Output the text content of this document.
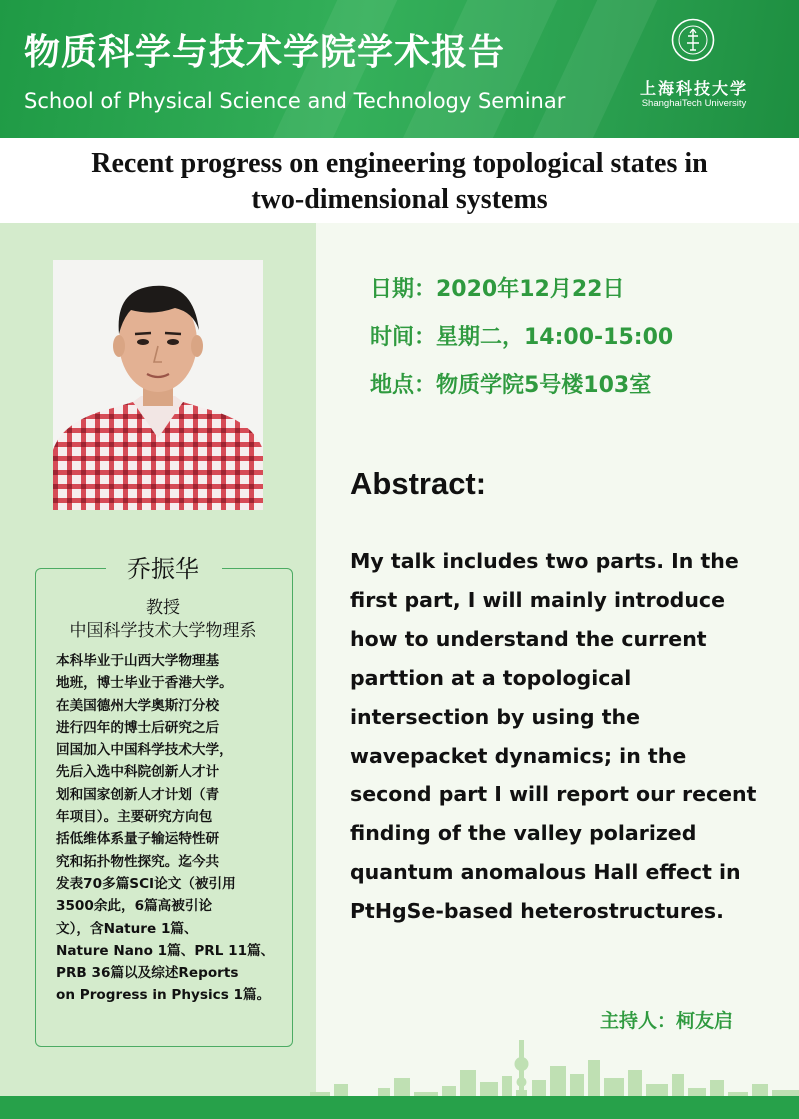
物质科学与技术学院学术报告
School of Physical Science and Technology Seminar
上海科技大学
ShanghaiTech University
Recent progress on engineering topological states in
two-dimensional systems
乔振华
教授
中国科学技术大学物理系
本科毕业于山西大学物理基
地班，博士毕业于香港大学。
在美国德州大学奥斯汀分校
进行四年的博士后研究之后
回国加入中国科学技术大学，
先后入选中科院创新人才计
划和国家创新人才计划（青
年项目）。主要研究方向包
括低维体系量子输运特性研
究和拓扑物性探究。迄今共
发表70多篇SCI论文（被引用
3500余此，6篇高被引论
文），含Nature 1篇、
Nature Nano 1篇、PRL 11篇、
PRB 36篇以及综述Reports
on Progress in Physics 1篇。
日期：2020年12月22日
时间：星期二，14:00-15:00
地点：物质学院5号楼103室
Abstract:
My talk includes two parts. In the
first part, I will mainly introduce
how to understand the current
parttion at a topological
intersection by using the
wavepacket dynamics; in the
second part I will report our recent
finding of the valley polarized
quantum anomalous Hall effect in
PtHgSe-based heterostructures.
主持人：柯友启
